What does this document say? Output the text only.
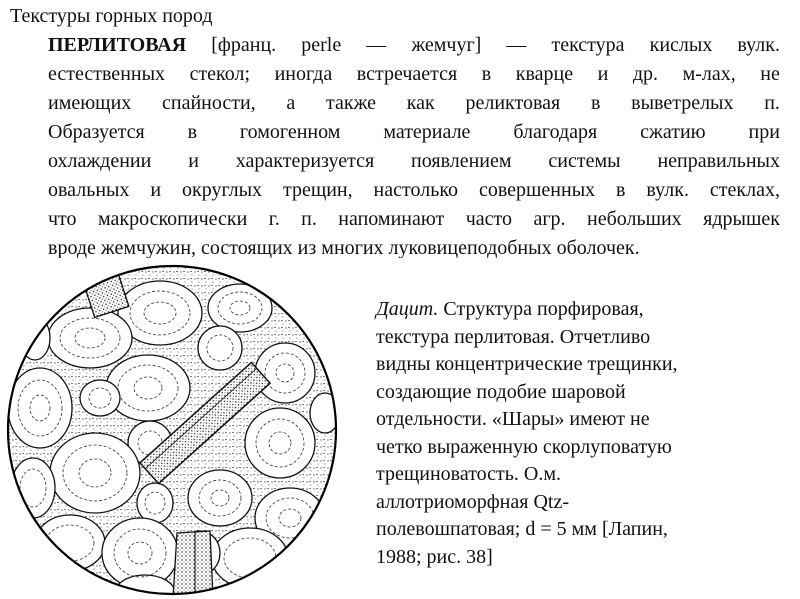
Текстуры горных пород
ПЕРЛИТОВАЯ [франц. perle — жемчуг] — текстура кислых вулк.
естественных стекол; иногда встречается в кварце и др. м-лах, не
имеющих спайности, а также как реликтовая в выветрелых п.
Образуется в гомогенном материале благодаря сжатию при
охлаждении и характеризуется появлением системы неправильных
овальных и округлых трещин, настолько совершенных в вулк. стеклах,
что макроскопически г. п. напоминают часто агр. небольших ядрышек
вроде жемчужин, состоящих из многих луковицеподобных оболочек.
Дацит. Структура порфировая,
текстура перлитовая. Отчетливо
видны концентрические трещинки,
создающие подобие шаровой
отдельности. «Шары» имеют не
четко выраженную скорлуповатую
трещиноватость. О.м.
аллотриоморфная Qtz-
полевошпатовая; d = 5 мм [Лапин,
1988; рис. 38]
